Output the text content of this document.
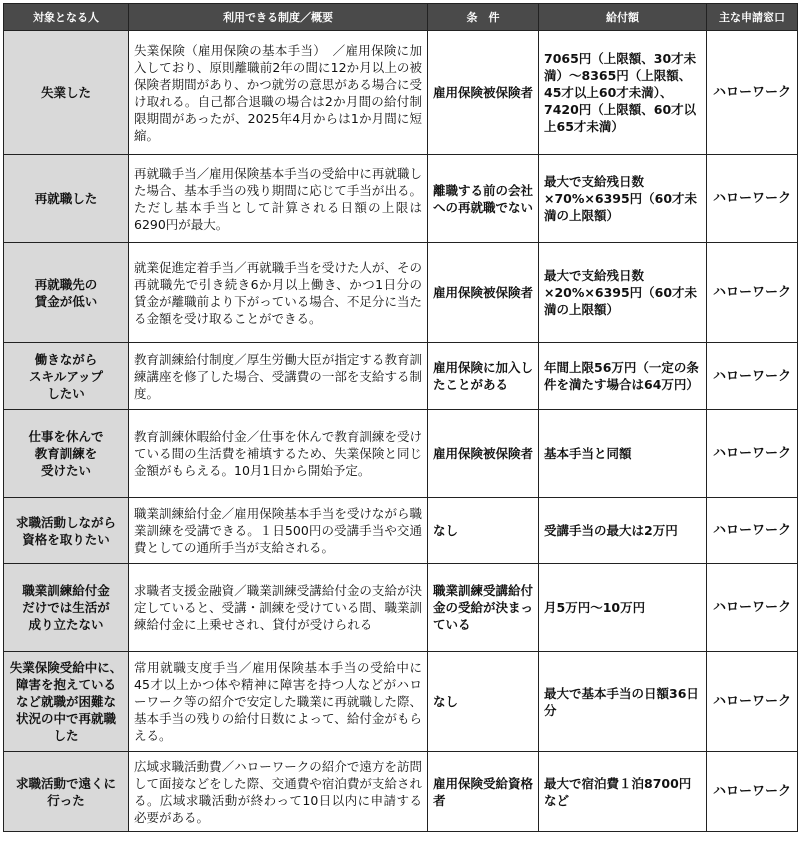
対象となる人	利用できる制度／概要	条　件	給付額	主な申請窓口
失業した	失業保険（雇用保険の基本手当）　／雇用保険に加入しており、原則離職前2年の間に12か月以上の被保険者期間があり、かつ就労の意思がある場合に受け取れる。自己都合退職の場合は2か月間の給付制限期間があったが、2025年4月からは1か月間に短縮。	雇用保険被保険者	7065円（上限額、30才未満）～8365円（上限額、45才以上60才未満）、7420円（上限額、60才以上65才未満）	ハローワーク
再就職した	再就職手当／雇用保険基本手当の受給中に再就職した場合、基本手当の残り期間に応じて手当が出る。ただし基本手当として計算される日額の上限は6290円が最大。	離職する前の会社への再就職でない	最大で支給残日数×70%×6395円（60才未満の上限額）	ハローワーク
再就職先の
賃金が低い	就業促進定着手当／再就職手当を受けた人が、その再就職先で引き続き6か月以上働き、かつ1日分の賃金が離職前より下がっている場合、不足分に当たる金額を受け取ることができる。	雇用保険被保険者	最大で支給残日数×20%×6395円（60才未満の上限額）	ハローワーク
働きながら
スキルアップ
したい	教育訓練給付制度／厚生労働大臣が指定する教育訓練講座を修了した場合、受講費の一部を支給する制度。	雇用保険に加入したことがある	年間上限56万円（一定の条件を満たす場合は64万円）	ハローワーク
仕事を休んで
教育訓練を
受けたい	教育訓練休暇給付金／仕事を休んで教育訓練を受けている間の生活費を補填するため、失業保険と同じ金額がもらえる。10月1日から開始予定。	雇用保険被保険者	基本手当と同額	ハローワーク
求職活動しながら
資格を取りたい	職業訓練給付金／雇用保険基本手当を受けながら職業訓練を受講できる。１日500円の受講手当や交通費としての通所手当が支給される。	なし	受講手当の最大は2万円	ハローワーク
職業訓練給付金
だけでは生活が
成り立たない	求職者支援金融資／職業訓練受講給付金の支給が決定していると、受講・訓練を受けている間、職業訓練給付金に上乗せされ、貸付が受けられる	職業訓練受講給付金の受給が決まっている	月5万円～10万円	ハローワーク
失業保険受給中に、
障害を抱えている
など就職が困難な
状況の中で再就職
した	常用就職支度手当／雇用保険基本手当の受給中に45才以上かつ体や精神に障害を持つ人などがハローワーク等の紹介で安定した職業に再就職した際、基本手当の残りの給付日数によって、給付金がもらえる。	なし	最大で基本手当の日額36日分	ハローワーク
求職活動で遠くに
行った	広域求職活動費／ハローワークの紹介で遠方を訪問して面接などをした際、交通費や宿泊費が支給される。広域求職活動が終わって10日以内に申請する必要がある。	雇用保険受給資格者	最大で宿泊費１泊8700円など	ハローワーク
